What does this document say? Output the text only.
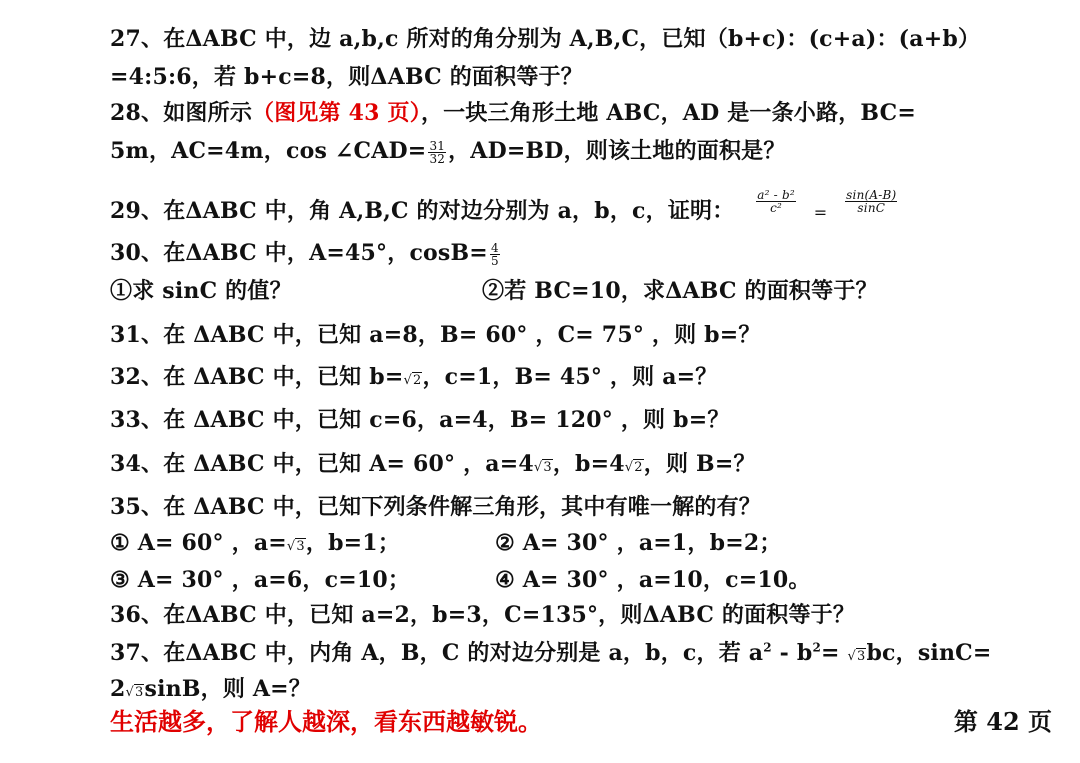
27、在ΔABC 中，边 a,b,c 所对的角分别为 A,B,C，已知（b+c)：(c+a)：(a+b）
=4:5:6，若 b+c=8，则ΔABC 的面积等于？
28、如图所示（图见第 43 页），一块三角形土地 ABC，AD 是一条小路，BC=
5m，AC=4m，cos ∠CAD= $\frac{31}{32}$ ，AD=BD，则该土地的面积是？
29、在ΔABC 中，角 A,B,C 的对边分别为 a，b，c，证明： $\frac{\text{a² - b²}}{\text{c²}} = \frac{\sin(A-B)}{\sin C}$
30、在ΔABC 中，A=45°，$\cos B= \frac{4}{5}$
①求 sinC 的值？	②若 BC=10，求ΔABC 的面积等于？
31、在 ΔABC 中，已知 a=8，B= 60° ，C= 75° ，则 b=？
32、在 ΔABC 中，已知 b=√2，c=1，B= 45° ，则 a=？
33、在 ΔABC 中，已知 c=6，a=4，B= 120° ，则 b=？
34、在 ΔABC 中，已知 A= 60° ，a=4√3，b=4√2，则 B=？
35、在 ΔABC 中，已知下列条件解三角形，其中有唯一解的有？
① A= 60° ，a=√3，b=1；	② A= 30° ，a=1，b=2；
③ A= 30° ，a=6，c=10；	④ A= 30° ，a=10，c=10。
36、在ΔABC 中，已知 a=2，b=3，C=135°，则ΔABC 的面积等于？
37、在ΔABC 中，内角 A，B，C 的对边分别是 a，b，c，若 $a^2 - b^2= √3bc$，sinC=
2√3sinB，则 A=？
生活越多，了解人越深，看东西越敏锐。	第 42 页
